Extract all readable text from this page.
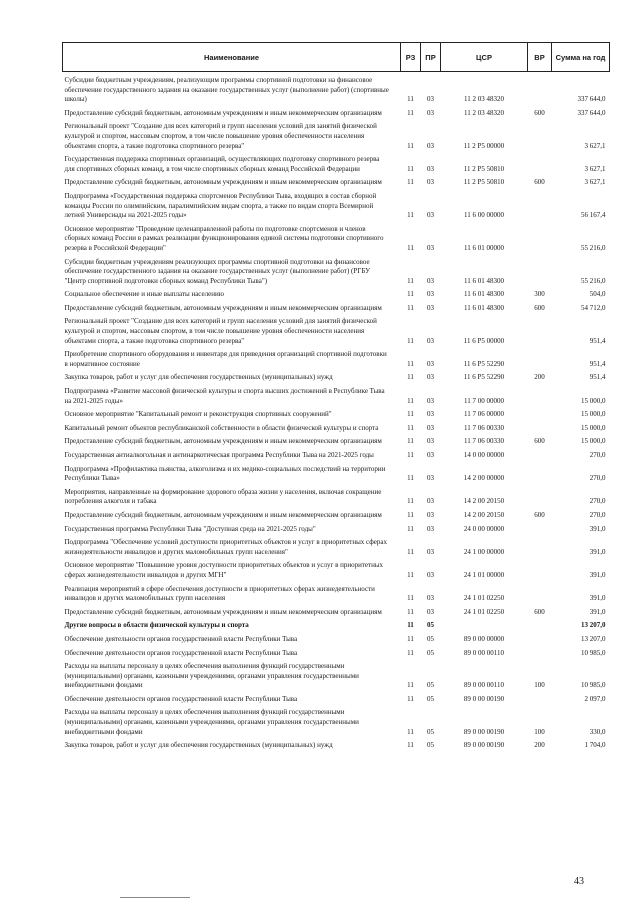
Наименование	РЗ	ПР	ЦСР	ВР	Сумма на год
Субсидии бюджетным учреждениям, реализующим программы спортивной подготовки на финансовое обеспечение государственного задания на оказание государственных услуг (выполнение работ) (спортивные школы)	11	03	11 2 03 48320		337 644,0
Предоставление субсидий бюджетным, автономным учреждениям и иным некоммерческим организациям	11	03	11 2 03 48320	600	337 644,0
Региональный проект "Создание для всех категорий и групп населения условий для занятий физической культурой и спортом, массовым спортом, в том числе повышение уровня обеспеченности населения объектами спорта, а также подготовка спортивного резерва"	11	03	11 2 P5 00000		3 627,1
Государственная поддержка спортивных организаций, осуществляющих подготовку спортивного резерва для спортивных сборных команд, в том числе спортивных сборных команд Российской Федерации	11	03	11 2 P5 50810		3 627,1
Предоставление субсидий бюджетным, автономным учреждениям и иным некоммерческим организациям	11	03	11 2 P5 50810	600	3 627,1
Подпрограмма «Государственная поддержка спортсменов Республики Тыва, входящих в состав сборной команды России по олимпийским, паралимпийским видам спорта, а также по видам спорта Всемирной летней Универсиады на 2021-2025 годы»	11	03	11 6 00 00000		56 167,4
Основное мероприятие "Проведение целенаправленной работы по подготовке спортсменов и членов сборных команд России в рамках реализации функционирования единой системы подготовки спортивного резерва в Российской Федерации"	11	03	11 6 01 00000		55 216,0
Субсидии бюджетным учреждениям реализующих программы спортивной подготовки на финансовое обеспечение государственного задания на оказание государственных услуг (выполнение работ) (РГБУ "Центр спортивной подготовки сборных команд Республики Тыва")	11	03	11 6 01 48300		55 216,0
Социальное обеспечение и иные выплаты населению	11	03	11 6 01 48300	300	504,0
Предоставление субсидий бюджетным, автономным учреждениям и иным некоммерческим организациям	11	03	11 6 01 48300	600	54 712,0
Региональный проект "Создание для всех категорий и групп населения условий для занятий физической культурой и спортом, массовым спортом, в том числе повышение уровня обеспеченности населения объектами спорта, а также подготовка спортивного резерва"	11	03	11 6 P5 00000		951,4
Приобретение спортивного оборудования и инвентаря для приведения организаций спортивной подготовки в нормативное состояние	11	03	11 6 P5 52290		951,4
Закупка товаров, работ и услуг для обеспечения государственных (муниципальных) нужд	11	03	11 6 P5 52290	200	951,4
Подпрограмма «Развитие массовой физической культуры и спорта высших достижений в Республике Тыва на 2021-2025 годы»	11	03	11 7 00 00000		15 000,0
Основное мероприятие "Капитальный ремонт и реконструкция спортивных сооружений"	11	03	11 7 06 00000		15 000,0
Капитальный ремонт объектов республиканской собственности в области физической культуры и спорта	11	03	11 7 06 00330		15 000,0
Предоставление субсидий бюджетным, автономным учреждениям и иным некоммерческим организациям	11	03	11 7 06 00330	600	15 000,0
Государственная антиалкогольная и антинаркотическая программа Республики Тыва на 2021-2025 годы	11	03	14 0 00 00000		270,0
Подпрограмма «Профилактика пьянства, алкоголизма и их медико-социальных последствий на территории Республики Тыва»	11	03	14 2 00 00000		270,0
Мероприятия, направленные на формирование здорового образа жизни у населения, включая сокращение потребления алкоголя и табака	11	03	14 2 00 20150		270,0
Предоставление субсидий бюджетным, автономным учреждениям и иным некоммерческим организациям	11	03	14 2 00 20150	600	270,0
Государственная программа Республики Тыва "Доступная среда на 2021-2025 годы"	11	03	24 0 00 00000		391,0
Подпрограмма "Обеспечение условий доступности приоритетных объектов и услуг в приоритетных сферах жизнедеятельности инвалидов и других маломобильных групп населения"	11	03	24 1 00 00000		391,0
Основное мероприятие "Повышение уровня доступности приоритетных объектов и услуг в приоритетных сферах жизнедеятельности инвалидов и других МГН"	11	03	24 1 01 00000		391,0
Реализация мероприятий в сфере обеспечения доступности в приоритетных сферах жизнедеятельности инвалидов и других маломобильных групп населения	11	03	24 1 01 02250		391,0
Предоставление субсидий бюджетным, автономным учреждениям и иным некоммерческим организациям	11	03	24 1 01 02250	600	391,0
Другие вопросы в области физической культуры и спорта	11	05			13 207,0
Обеспечение деятельности органов государственной власти Республики Тыва	11	05	89 0 00 00000		13 207,0
Обеспечение деятельности органов государственной власти Республики Тыва	11	05	89 0 00 00110		10 985,0
Расходы на выплаты персоналу в целях обеспечения выполнения функций государственными (муниципальными) органами, казенными учреждениями, органами управления государственными внебюджетными фондами	11	05	89 0 00 00110	100	10 985,0
Обеспечение деятельности органов государственной власти Республики Тыва	11	05	89 0 00 00190		2 097,0
Расходы на выплаты персоналу в целях обеспечения выполнения функций государственными (муниципальными) органами, казенными учреждениями, органами управления государственными внебюджетными фондами	11	05	89 0 00 00190	100	330,0
Закупка товаров, работ и услуг для обеспечения государственных (муниципальных) нужд	11	05	89 0 00 00190	200	1 704,0
43
